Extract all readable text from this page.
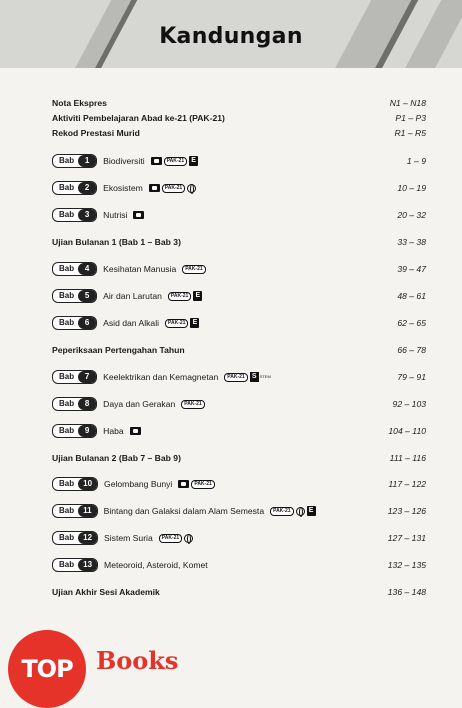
Kandungan
Nota Ekspres	N1 – N18
Aktiviti Pembelajaran Abad ke-21 (PAK-21)	P1 – P3
Rekod Prestasi Murid	R1 – R5
Bab	1	Biodiversiti	PAK-21	E	1 – 9
Bab	2	Ekosistem	PAK-21	10 – 19
Bab	3	Nutrisi	20 – 32
Ujian Bulanan 1 (Bab 1 – Bab 3)	33 – 38
Bab	4	Kesihatan Manusia	PAK-21	39 – 47
Bab	5	Air dan Larutan	PAK-21	E	48 – 61
Bab	6	Asid dan Alkali	PAK-21	E	62 – 65
Peperiksaan Pertengahan Tahun	66 – 78
Bab	7	Keelektrikan dan Kemagnetan	PAK-21	S STEM	79 – 91
Bab	8	Daya dan Gerakan	PAK-21	92 – 103
Bab	9	Haba	104 – 110
Ujian Bulanan 2 (Bab 7 – Bab 9)	111 – 116
Bab	10	Gelombang Bunyi	PAK-21	117 – 122
Bab	11	Bintang dan Galaksi dalam Alam Semesta	PAK-21	E	123 – 126
Bab	12	Sistem Suria	PAK-21	127 – 131
Bab	13	Meteoroid, Asteroid, Komet	132 – 135
Ujian Akhir Sesi Akademik	136 – 148
TOP Books
